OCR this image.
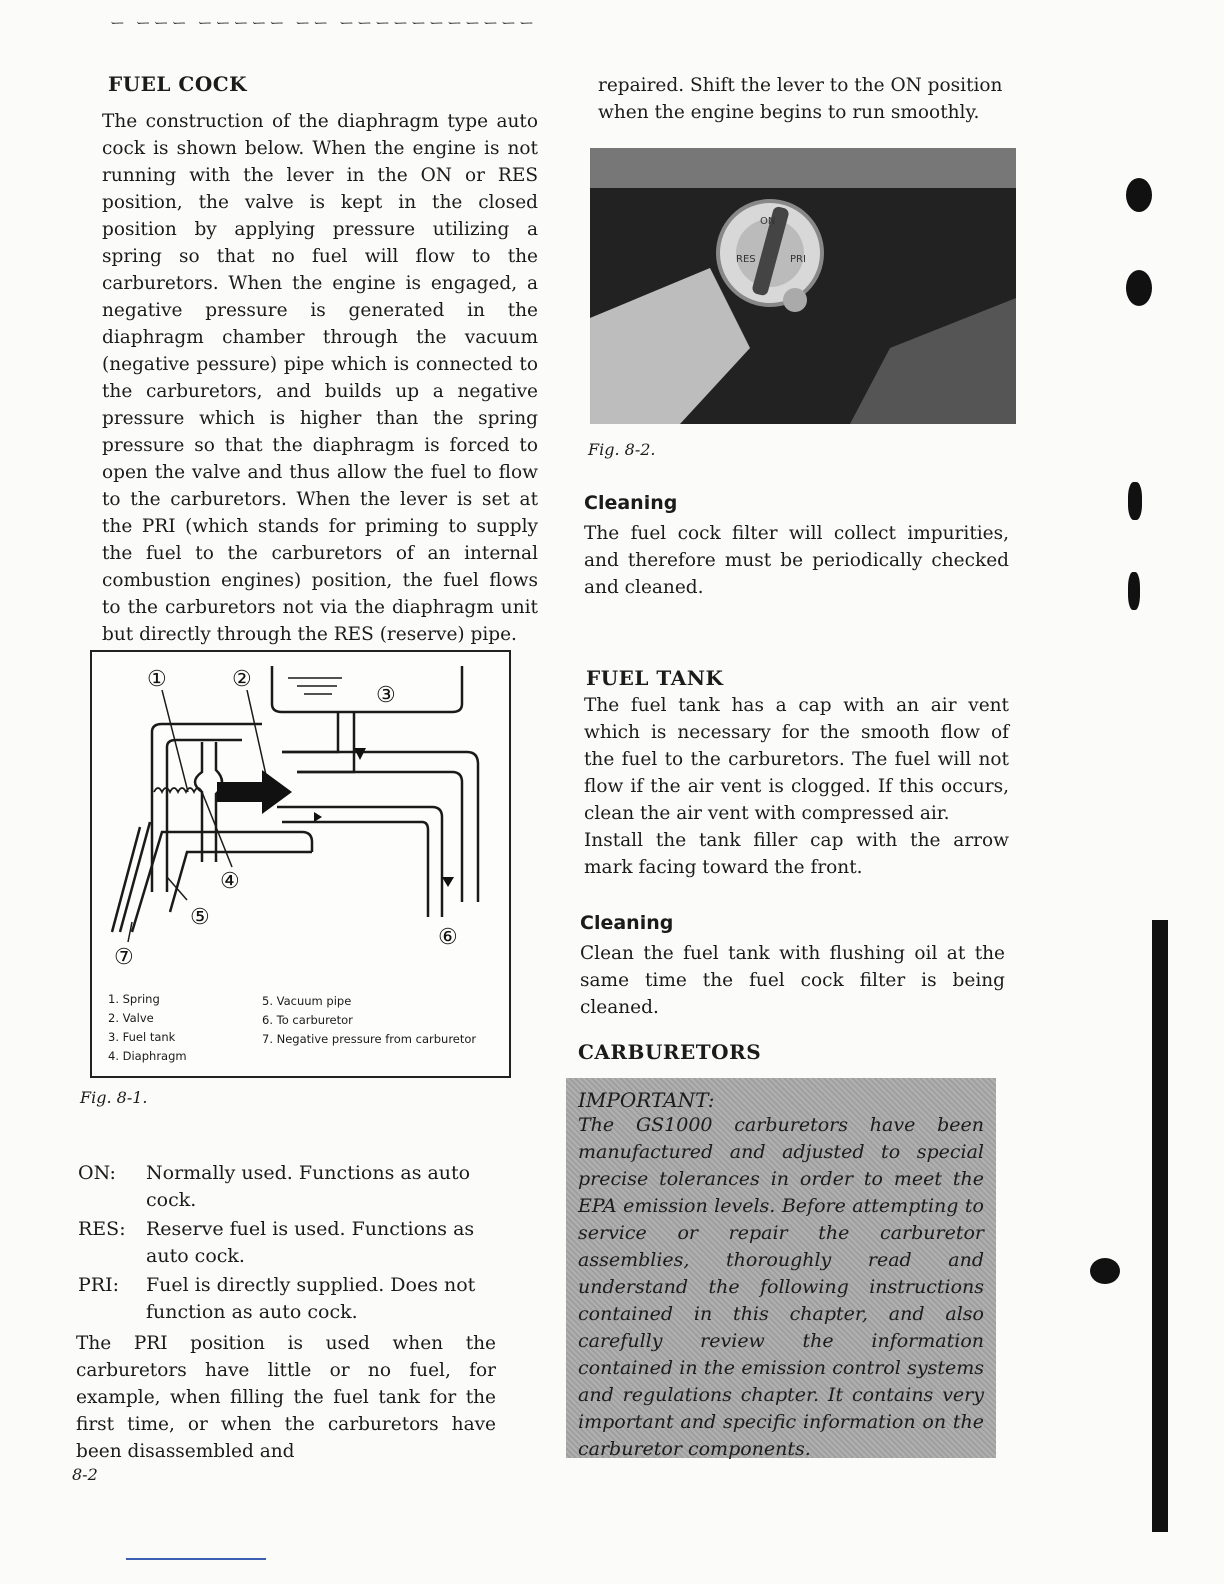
ー ーーー ーーーーー ーー ーーーーーーーーーーー
FUEL COCK

The construction of the diaphragm type auto cock is shown below. When the engine is not running with the lever in the ON or RES position, the valve is kept in the closed position by applying pressure utilizing a spring so that no fuel will flow to the carburetors. When the engine is engaged, a negative pressure is generated in the diaphragm chamber through the vacuum (negative pessure) pipe which is connected to the carburetors, and builds up a negative pressure which is higher than the spring pressure so that the diaphragm is forced to open the valve and thus allow the fuel to flow to the carburetors. When the lever is set at the PRI (which stands for priming to supply the fuel to the carburetors of an internal combustion engines) position, the fuel flows to the carburetors not via the diaphragm unit but directly through the RES (reserve) pipe.

①	②
③
④
⑤
⑥
⑦
1. Spring
2. Valve
3. Fuel tank
4. Diaphragm
5. Vacuum pipe
6. To carburetor
7. Negative pressure from carburetor
Fig. 8-1.
ON:	Normally used. Functions as auto cock.
RES:	Reserve fuel is used. Functions as auto cock.
PRI:	Fuel is directly supplied. Does not function as auto cock.

The PRI position is used when the carburetors have little or no fuel, for example, when filling the fuel tank for the first time, or when the carburetors have been disassembled and

8-2

repaired. Shift the lever to the ON position when the engine begins to run smoothly.

ON
RES	PRI
Fig. 8-2.
Cleaning

The fuel cock filter will collect impurities, and therefore must be periodically checked and cleaned.

FUEL TANK

The fuel tank has a cap with an air vent which is necessary for the smooth flow of the fuel to the carburetors. The fuel will not flow if the air vent is clogged. If this occurs, clean the air vent with compressed air.

Install the tank filler cap with the arrow mark facing toward the front.

Cleaning

Clean the fuel tank with flushing oil at the same time the fuel cock filter is being cleaned.

CARBURETORS
IMPORTANT:
The GS1000 carburetors have been manufactured and adjusted to special precise tolerances in order to meet the EPA emission levels. Before attempting to service or repair the carburetor assemblies, thoroughly read and understand the following instructions contained in this chapter, and also carefully review the information contained in the emission control systems and regulations chapter. It contains very important and specific information on the carburetor components.
